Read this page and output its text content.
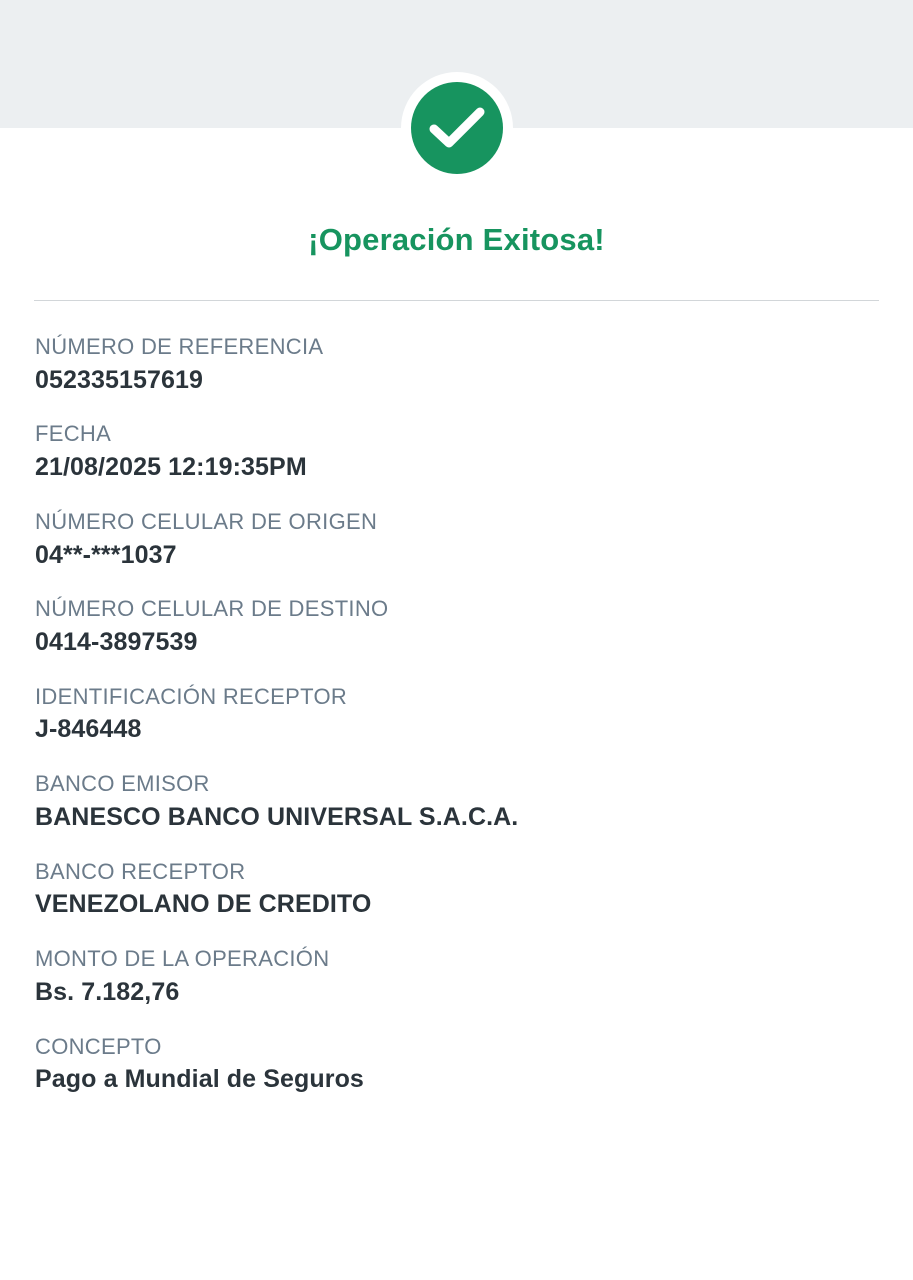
¡Operación Exitosa!
NÚMERO DE REFERENCIA
052335157619
FECHA
21/08/2025 12:19:35PM
NÚMERO CELULAR DE ORIGEN
04**-***1037
NÚMERO CELULAR DE DESTINO
0414-3897539
IDENTIFICACIÓN RECEPTOR
J-846448
BANCO EMISOR
BANESCO BANCO UNIVERSAL S.A.C.A.
BANCO RECEPTOR
VENEZOLANO DE CREDITO
MONTO DE LA OPERACIÓN
Bs. 7.182,76
CONCEPTO
Pago a Mundial de Seguros
